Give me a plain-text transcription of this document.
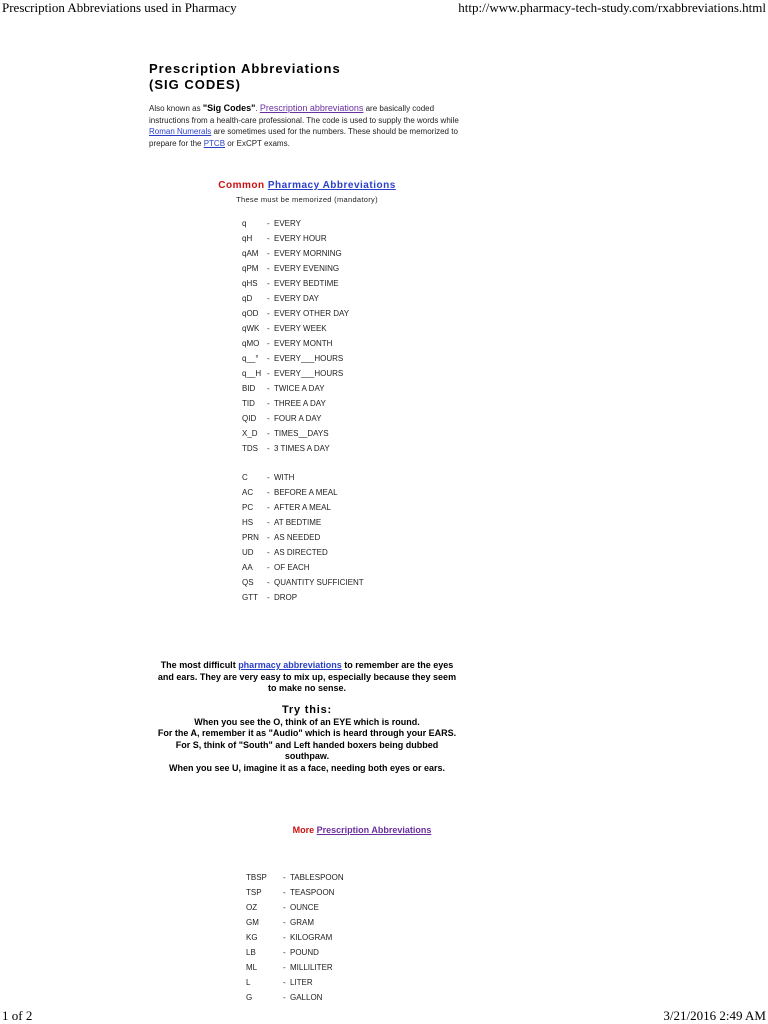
Prescription Abbreviations used in Pharmacy	http://www.pharmacy-tech-study.com/rxabbreviations.html
Prescription Abbreviations
(SIG CODES)
Also known as "Sig Codes". Prescription abbreviations are basically coded instructions from a health-care professional. The code is used to supply the words while Roman Numerals are sometimes used for the numbers. These should be memorized to prepare for the PTCB or ExCPT exams.
Common Pharmacy Abbreviations
These must be memorized (mandatory)
q	- EVERY
qH - EVERY HOUR
qAM - EVERY MORNING
qPM - EVERY EVENING
qHS - EVERY BEDTIME
qD - EVERY DAY
qOD - EVERY OTHER DAY
qWK - EVERY WEEK
qMO - EVERY MONTH
q__° - EVERY___HOURS
q__H - EVERY___HOURS
BID - TWICE A DAY
TID - THREE A DAY
QID - FOUR A DAY
X_D - TIMES__DAYS
TDS - 3 TIMES A DAY
C - WITH
AC - BEFORE A MEAL
PC - AFTER A MEAL
HS - AT BEDTIME
PRN - AS NEEDED
UD - AS DIRECTED
AA - OF EACH
QS - QUANTITY SUFFICIENT
GTT - DROP
The most difficult pharmacy abbreviations to remember are the eyes and ears. They are very easy to mix up, especially because they seem to make no sense.
Try this:
When you see the O, think of an EYE which is round.
For the A, remember it as "Audio" which is heard through your EARS.
For S, think of "South" and Left handed boxers being dubbed southpaw.
When you see U, imagine it as a face, needing both eyes or ears.
More Prescription Abbreviations
TBSP - TABLESPOON
TSP	- TEASPOON
OZ	- OUNCE
GM	- GRAM
KG	- KILOGRAM
LB	- POUND
ML	- MILLILITER
L	- LITER
G	- GALLON
1 of 2	3/21/2016 2:49 AM
